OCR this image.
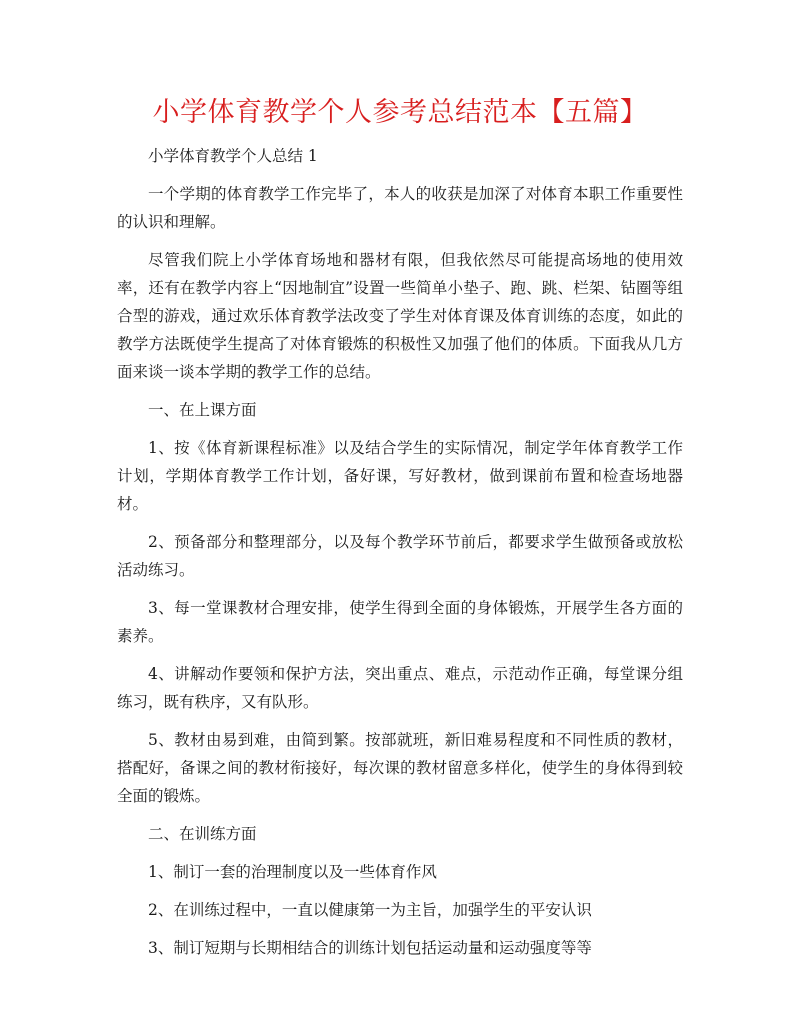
小学体育教学个人参考总结范本【五篇】

小学体育教学个人总结 1

一个学期的体育教学工作完毕了，本人的收获是加深了对体育本职工作重要性的认识和理解。

尽管我们院上小学体育场地和器材有限，但我依然尽可能提高场地的使用效率，还有在教学内容上“因地制宜”设置一些简单小垫子、跑、跳、栏架、钻圈等组合型的游戏，通过欢乐体育教学法改变了学生对体育课及体育训练的态度，如此的教学方法既使学生提高了对体育锻炼的积极性又加强了他们的体质。下面我从几方面来谈一谈本学期的教学工作的总结。

一、在上课方面

1、按《体育新课程标准》以及结合学生的实际情况，制定学年体育教学工作计划，学期体育教学工作计划，备好课，写好教材，做到课前布置和检查场地器材。

2、预备部分和整理部分，以及每个教学环节前后，都要求学生做预备或放松活动练习。

3、每一堂课教材合理安排，使学生得到全面的身体锻炼，开展学生各方面的素养。

4、讲解动作要领和保护方法，突出重点、难点，示范动作正确，每堂课分组练习，既有秩序，又有队形。

5、教材由易到难，由简到繁。按部就班，新旧难易程度和不同性质的教材，搭配好，备课之间的教材衔接好，每次课的教材留意多样化，使学生的身体得到较全面的锻炼。

二、在训练方面

1、制订一套的治理制度以及一些体育作风

2、在训练过程中，一直以健康第一为主旨，加强学生的平安认识

3、制订短期与长期相结合的训练计划包括运动量和运动强度等等
